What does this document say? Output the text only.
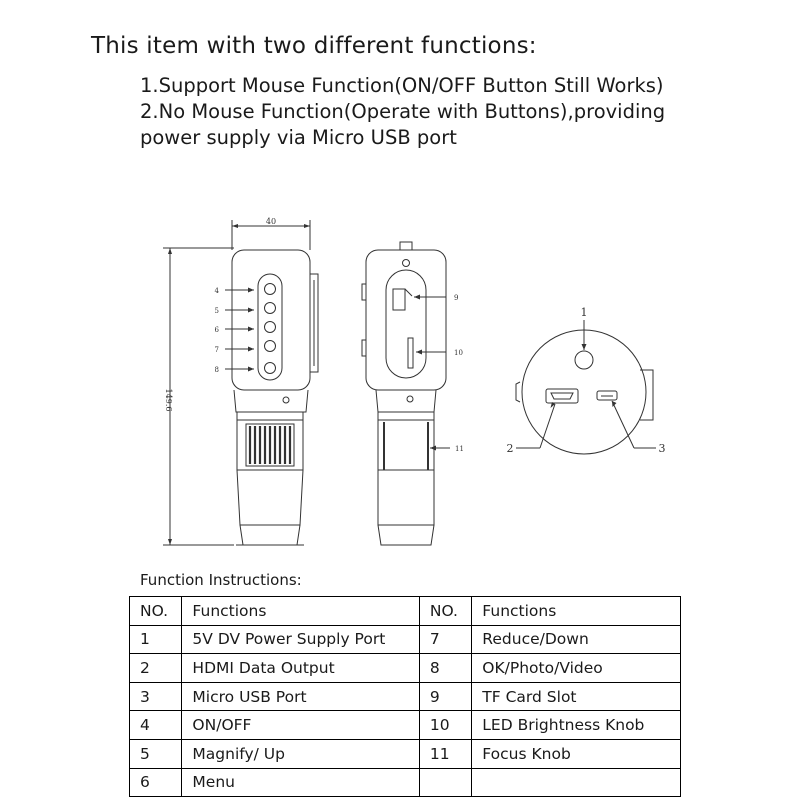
This item with two different functions:
1.Support Mouse Function(ON/OFF Button Still Works)
2.No Mouse Function(Operate with Buttons),providing
power supply via Micro USB port
40
149.6
4
5
6
7
8
9
10
11
1
2	3
Function Instructions:
NO.	Functions	NO.	Functions
1	5V DV Power Supply Port	7	Reduce/Down
2	HDMI Data Output	8	OK/Photo/Video
3	Micro USB Port	9	TF Card Slot
4	ON/OFF	10	LED Brightness Knob
5	Magnify/ Up	11	Focus Knob
6	Menu		
